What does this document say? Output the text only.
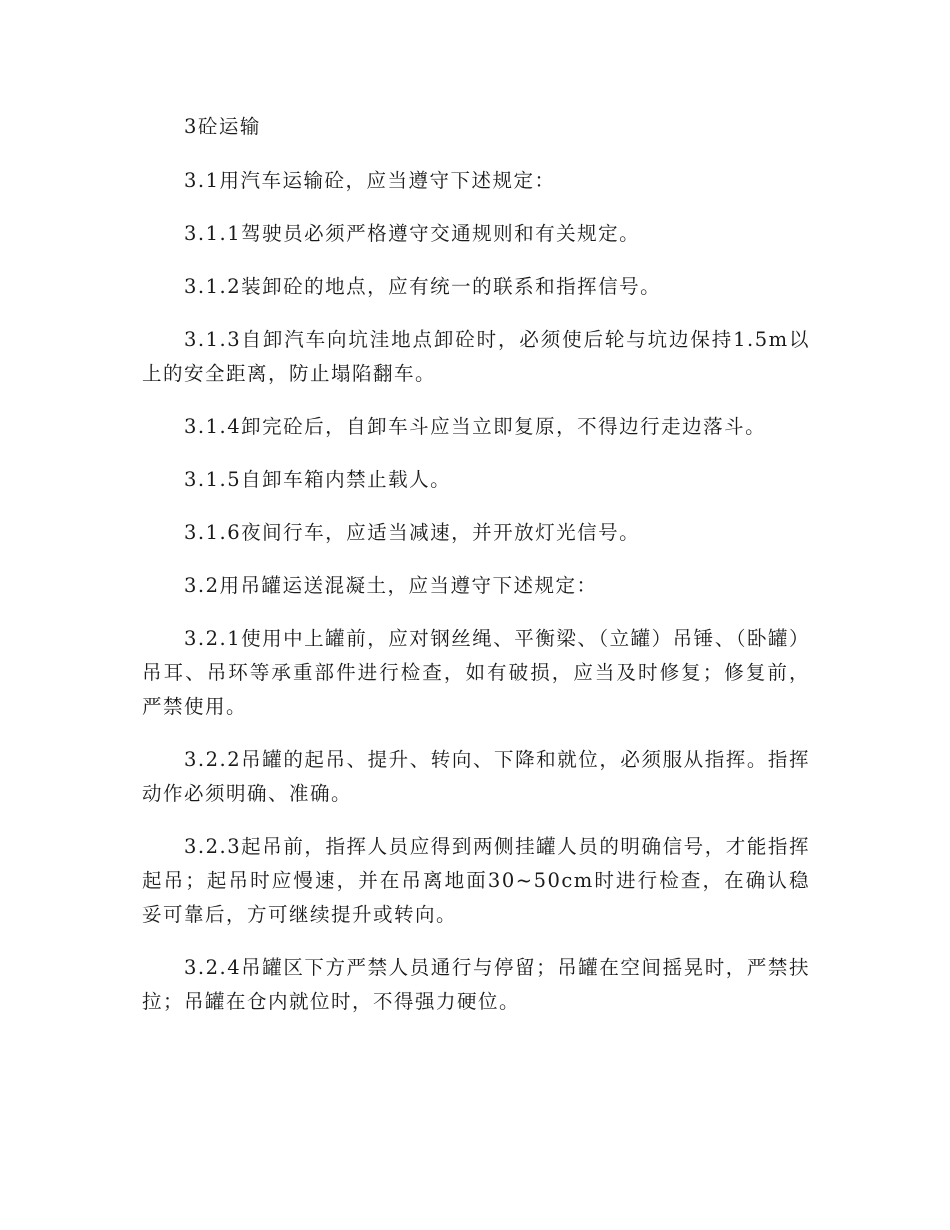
3砼运输

3.1用汽车运输砼，应当遵守下述规定：

3.1.1驾驶员必须严格遵守交通规则和有关规定。

3.1.2装卸砼的地点，应有统一的联系和指挥信号。

3.1.3自卸汽车向坑洼地点卸砼时，必须使后轮与坑边保持1.5m以上的安全距离，防止塌陷翻车。

3.1.4卸完砼后，自卸车斗应当立即复原，不得边行走边落斗。

3.1.5自卸车箱内禁止载人。

3.1.6夜间行车，应适当减速，并开放灯光信号。

3.2用吊罐运送混凝土，应当遵守下述规定：

3.2.1使用中上罐前，应对钢丝绳、平衡梁、（立罐）吊锤、（卧罐）吊耳、吊环等承重部件进行检查，如有破损，应当及时修复；修复前，严禁使用。

3.2.2吊罐的起吊、提升、转向、下降和就位，必须服从指挥。指挥动作必须明确、准确。

3.2.3起吊前，指挥人员应得到两侧挂罐人员的明确信号，才能指挥起吊；起吊时应慢速，并在吊离地面30~50cm时进行检查，在确认稳妥可靠后，方可继续提升或转向。

3.2.4吊罐区下方严禁人员通行与停留；吊罐在空间摇晃时，严禁扶拉；吊罐在仓内就位时，不得强力硬位。
